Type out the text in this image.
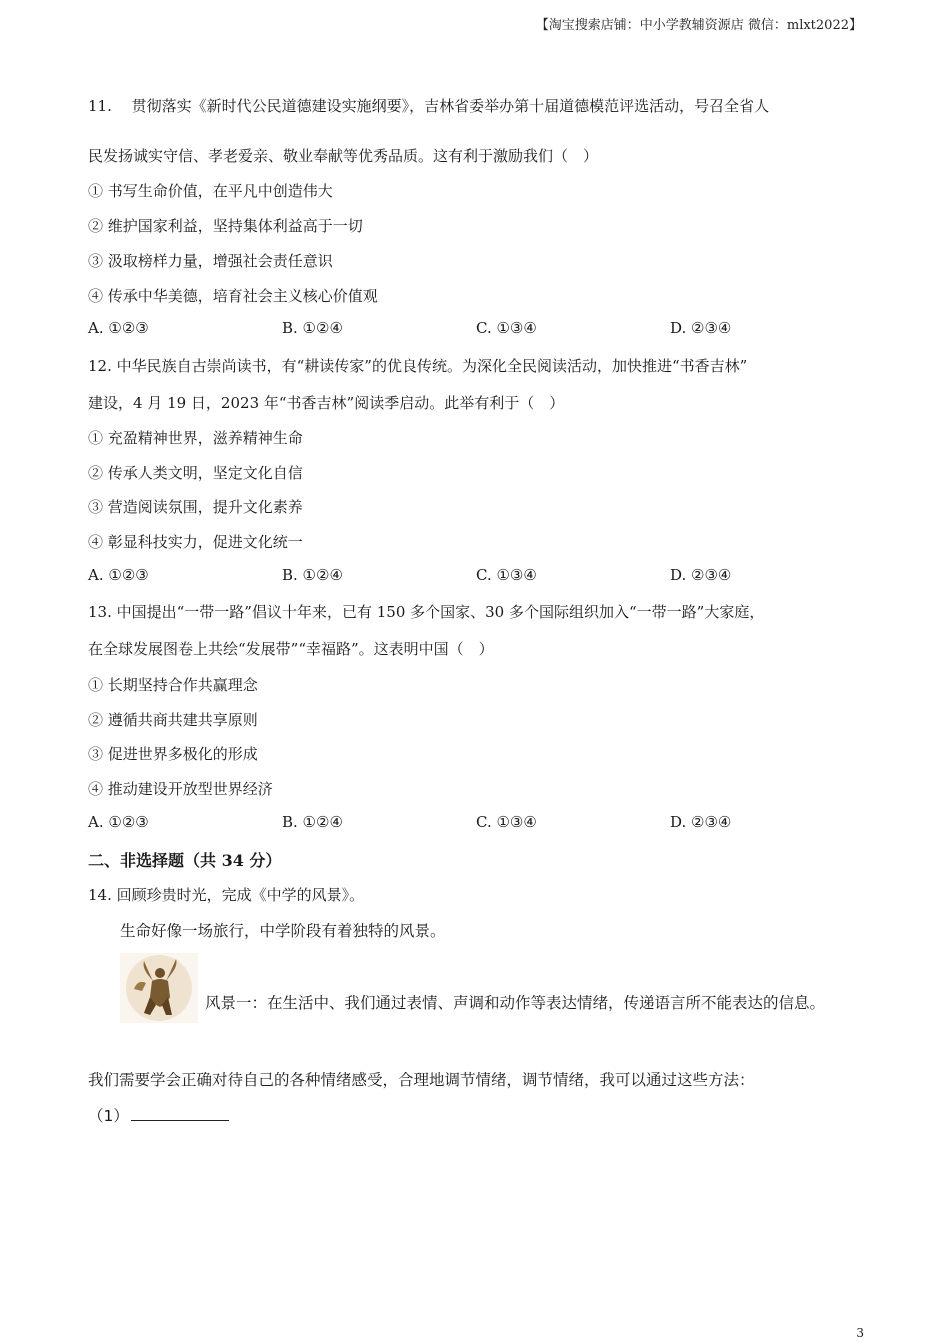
【淘宝搜索店铺：中小学教辅资源店 微信：mlxt2022】
11.　 贯彻落实《新时代公民道德建设实施纲要》，吉林省委举办第十届道德模范评选活动，号召全省人
民发扬诚实守信、孝老爱亲、敬业奉献等优秀品质。这有利于激励我们（　）
① 书写生命价值，在平凡中创造伟大
② 维护国家利益，坚持集体利益高于一切
③ 汲取榜样力量，增强社会责任意识
④ 传承中华美德，培育社会主义核心价值观
A. ①②③	B. ①②④	C. ①③④	D. ②③④
12. 中华民族自古崇尚读书，有“耕读传家”的优良传统。为深化全民阅读活动，加快推进“书香吉林”
建设，4 月 19 日，2023 年“书香吉林”阅读季启动。此举有利于（　）
① 充盈精神世界，滋养精神生命
② 传承人类文明，坚定文化自信
③ 营造阅读氛围，提升文化素养
④ 彰显科技实力，促进文化统一
A. ①②③	B. ①②④	C. ①③④	D. ②③④
13. 中国提出“一带一路”倡议十年来，已有 150 多个国家、30 多个国际组织加入“一带一路”大家庭，
在全球发展图卷上共绘“发展带”“幸福路”。这表明中国（　）
① 长期坚持合作共赢理念
② 遵循共商共建共享原则
③ 促进世界多极化的形成
④ 推动建设开放型世界经济
A. ①②③	B. ①②④	C. ①③④	D. ②③④
二、非选择题（共 34 分）
14. 回顾珍贵时光，完成《中学的风景》。
生命好像一场旅行，中学阶段有着独特的风景。
风景一：在生活中、我们通过表情、声调和动作等表达情绪，传递语言所不能表达的信息。
我们需要学会正确对待自己的各种情绪感受，合理地调节情绪，调节情绪，我可以通过这些方法：
（1）
3
